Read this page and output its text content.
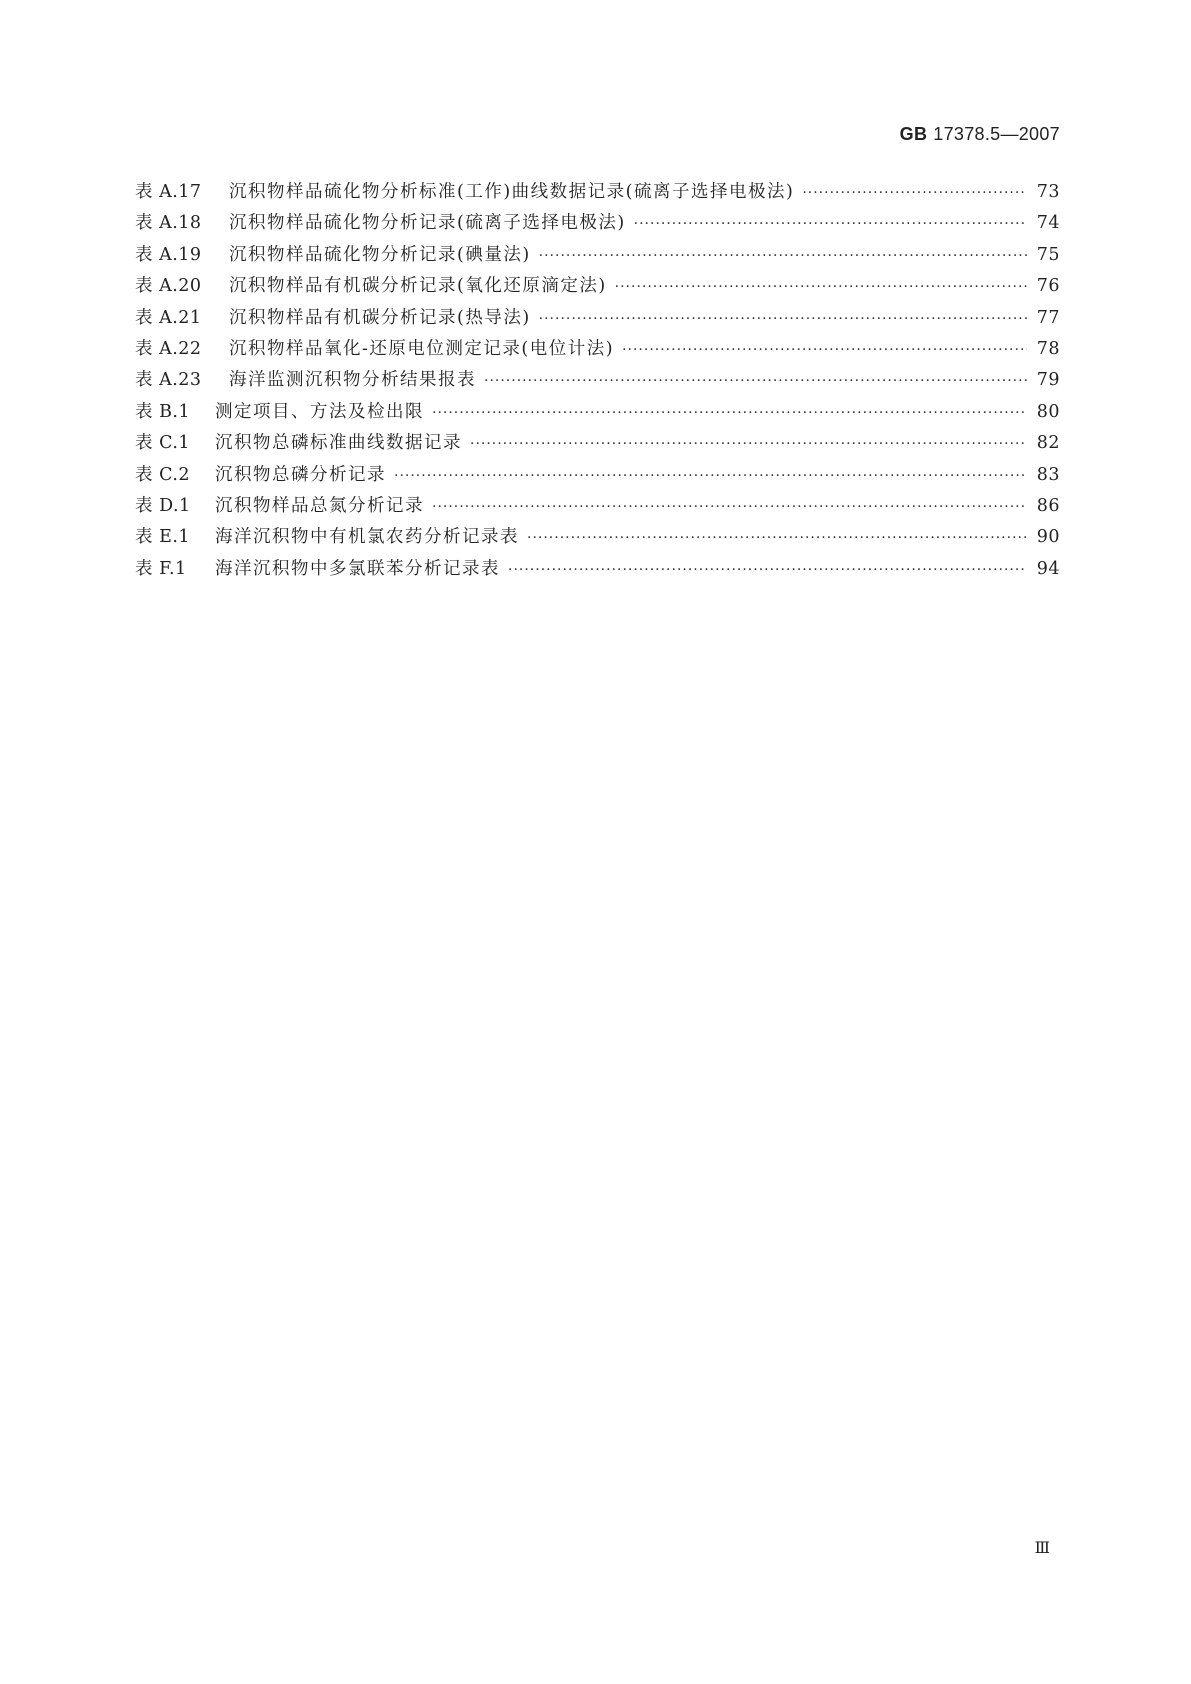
GB 17378.5—2007
表 A.17	沉积物样品硫化物分析标准(工作)曲线数据记录(硫离子选择电极法) ·····	73
表 A.18	沉积物样品硫化物分析记录(硫离子选择电极法) ·····	74
表 A.19	沉积物样品硫化物分析记录(碘量法) ·····	75
表 A.20	沉积物样品有机碳分析记录(氧化还原滴定法) ·····	76
表 A.21	沉积物样品有机碳分析记录(热导法) ·····	77
表 A.22	沉积物样品氧化-还原电位测定记录(电位计法) ·····	78
表 A.23	海洋监测沉积物分析结果报表 ·····	79
表 B.1	测定项目、方法及检出限 ·····	80
表 C.1	沉积物总磷标准曲线数据记录 ·····	82
表 C.2	沉积物总磷分析记录 ·····	83
表 D.1	沉积物样品总氮分析记录 ·····	86
表 E.1	海洋沉积物中有机氯农药分析记录表 ·····	90
表 F.1	海洋沉积物中多氯联苯分析记录表 ·····	94
Ⅲ
